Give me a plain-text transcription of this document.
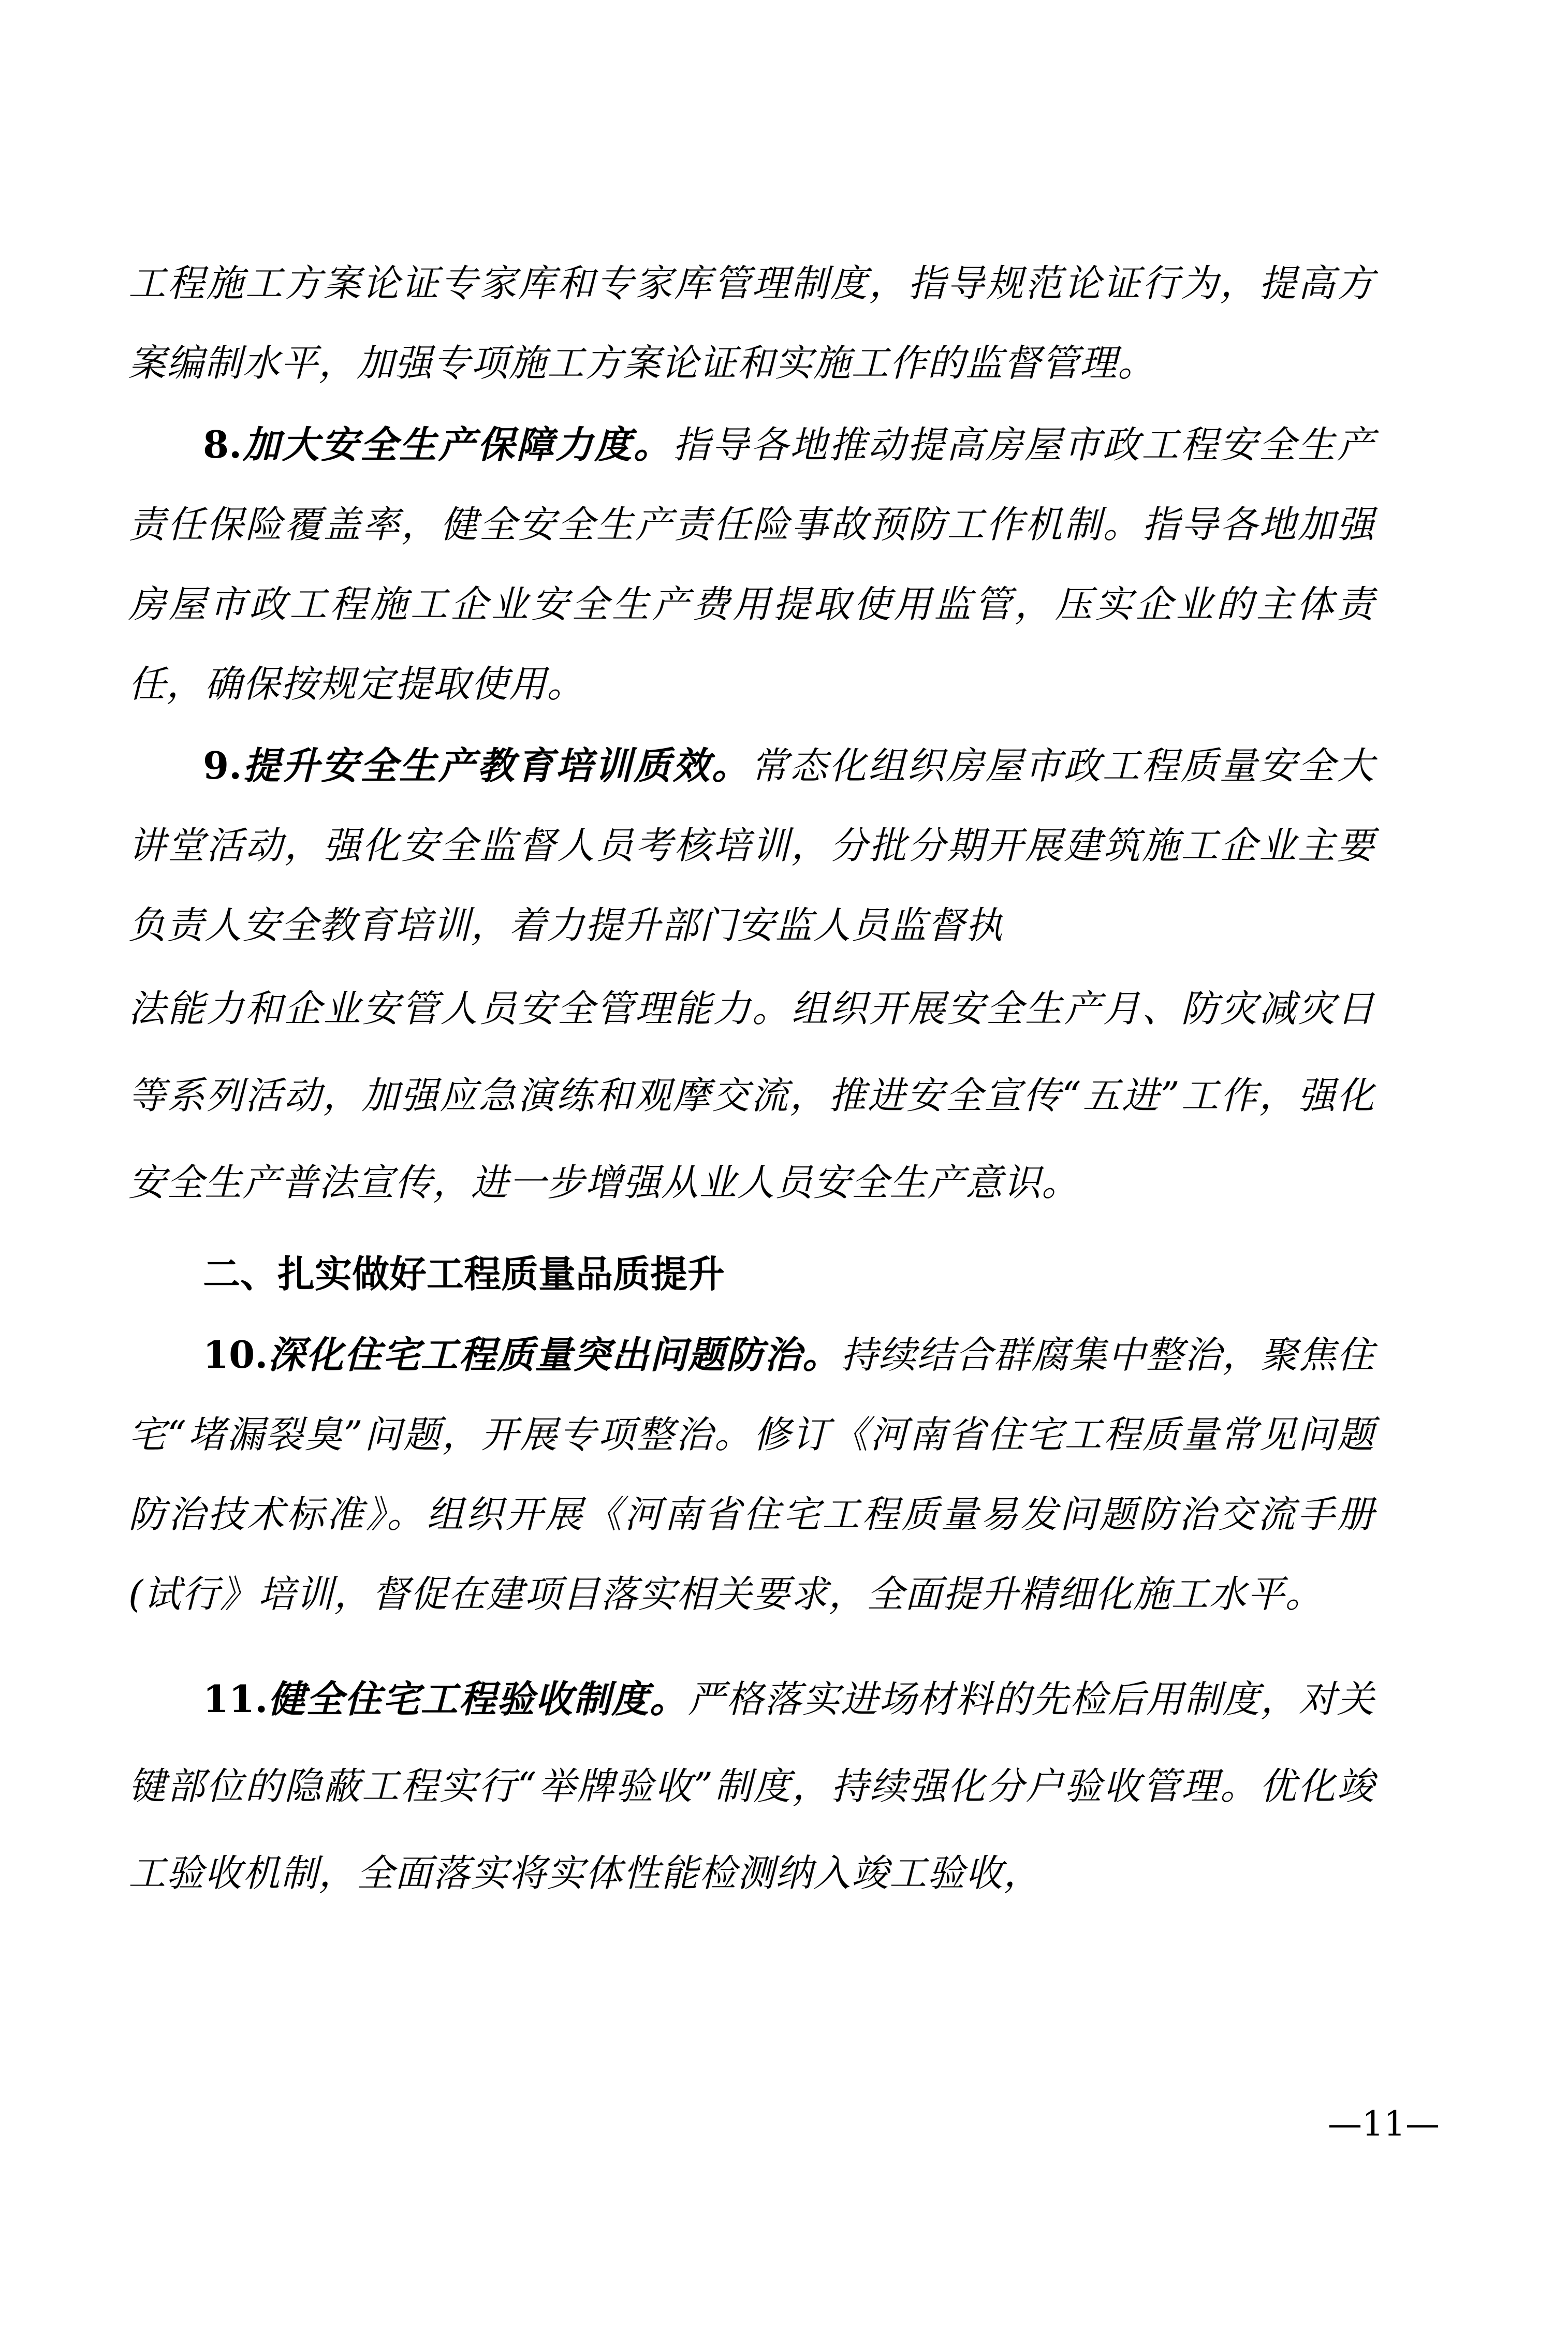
工程施工方案论证专家库和专家库管理制度，指导规范论证行为，提高方案编制水平，加强专项施工方案论证和实施工作的监督管理。

8.加大安全生产保障力度。指导各地推动提高房屋市政工程安全生产责任保险覆盖率，健全安全生产责任险事故预防工作机制。指导各地加强房屋市政工程施工企业安全生产费用提取使用监管，压实企业的主体责任，确保按规定提取使用。

9.提升安全生产教育培训质效。常态化组织房屋市政工程质量安全大讲堂活动，强化安全监督人员考核培训，分批分期开展建筑施工企业主要负责人安全教育培训，着力提升部门安监人员监督执

法能力和企业安管人员安全管理能力。组织开展安全生产月、防灾减灾日等系列活动，加强应急演练和观摩交流，推进安全宣传“五进”工作，强化安全生产普法宣传，进一步增强从业人员安全生产意识。

二、扎实做好工程质量品质提升

10.深化住宅工程质量突出问题防治。持续结合群腐集中整治，聚焦住宅“堵漏裂臭”问题，开展专项整治。修订《河南省住宅工程质量常见问题防治技术标准》。组织开展《河南省住宅工程质量易发问题防治交流手册(试行》培训，督促在建项目落实相关要求，全面提升精细化施工水平。

11.健全住宅工程验收制度。严格落实进场材料的先检后用制度，对关键部位的隐蔽工程实行“举牌验收”制度，持续强化分户验收管理。优化竣工验收机制，全面落实将实体性能检测纳入竣工验收，

—11—
